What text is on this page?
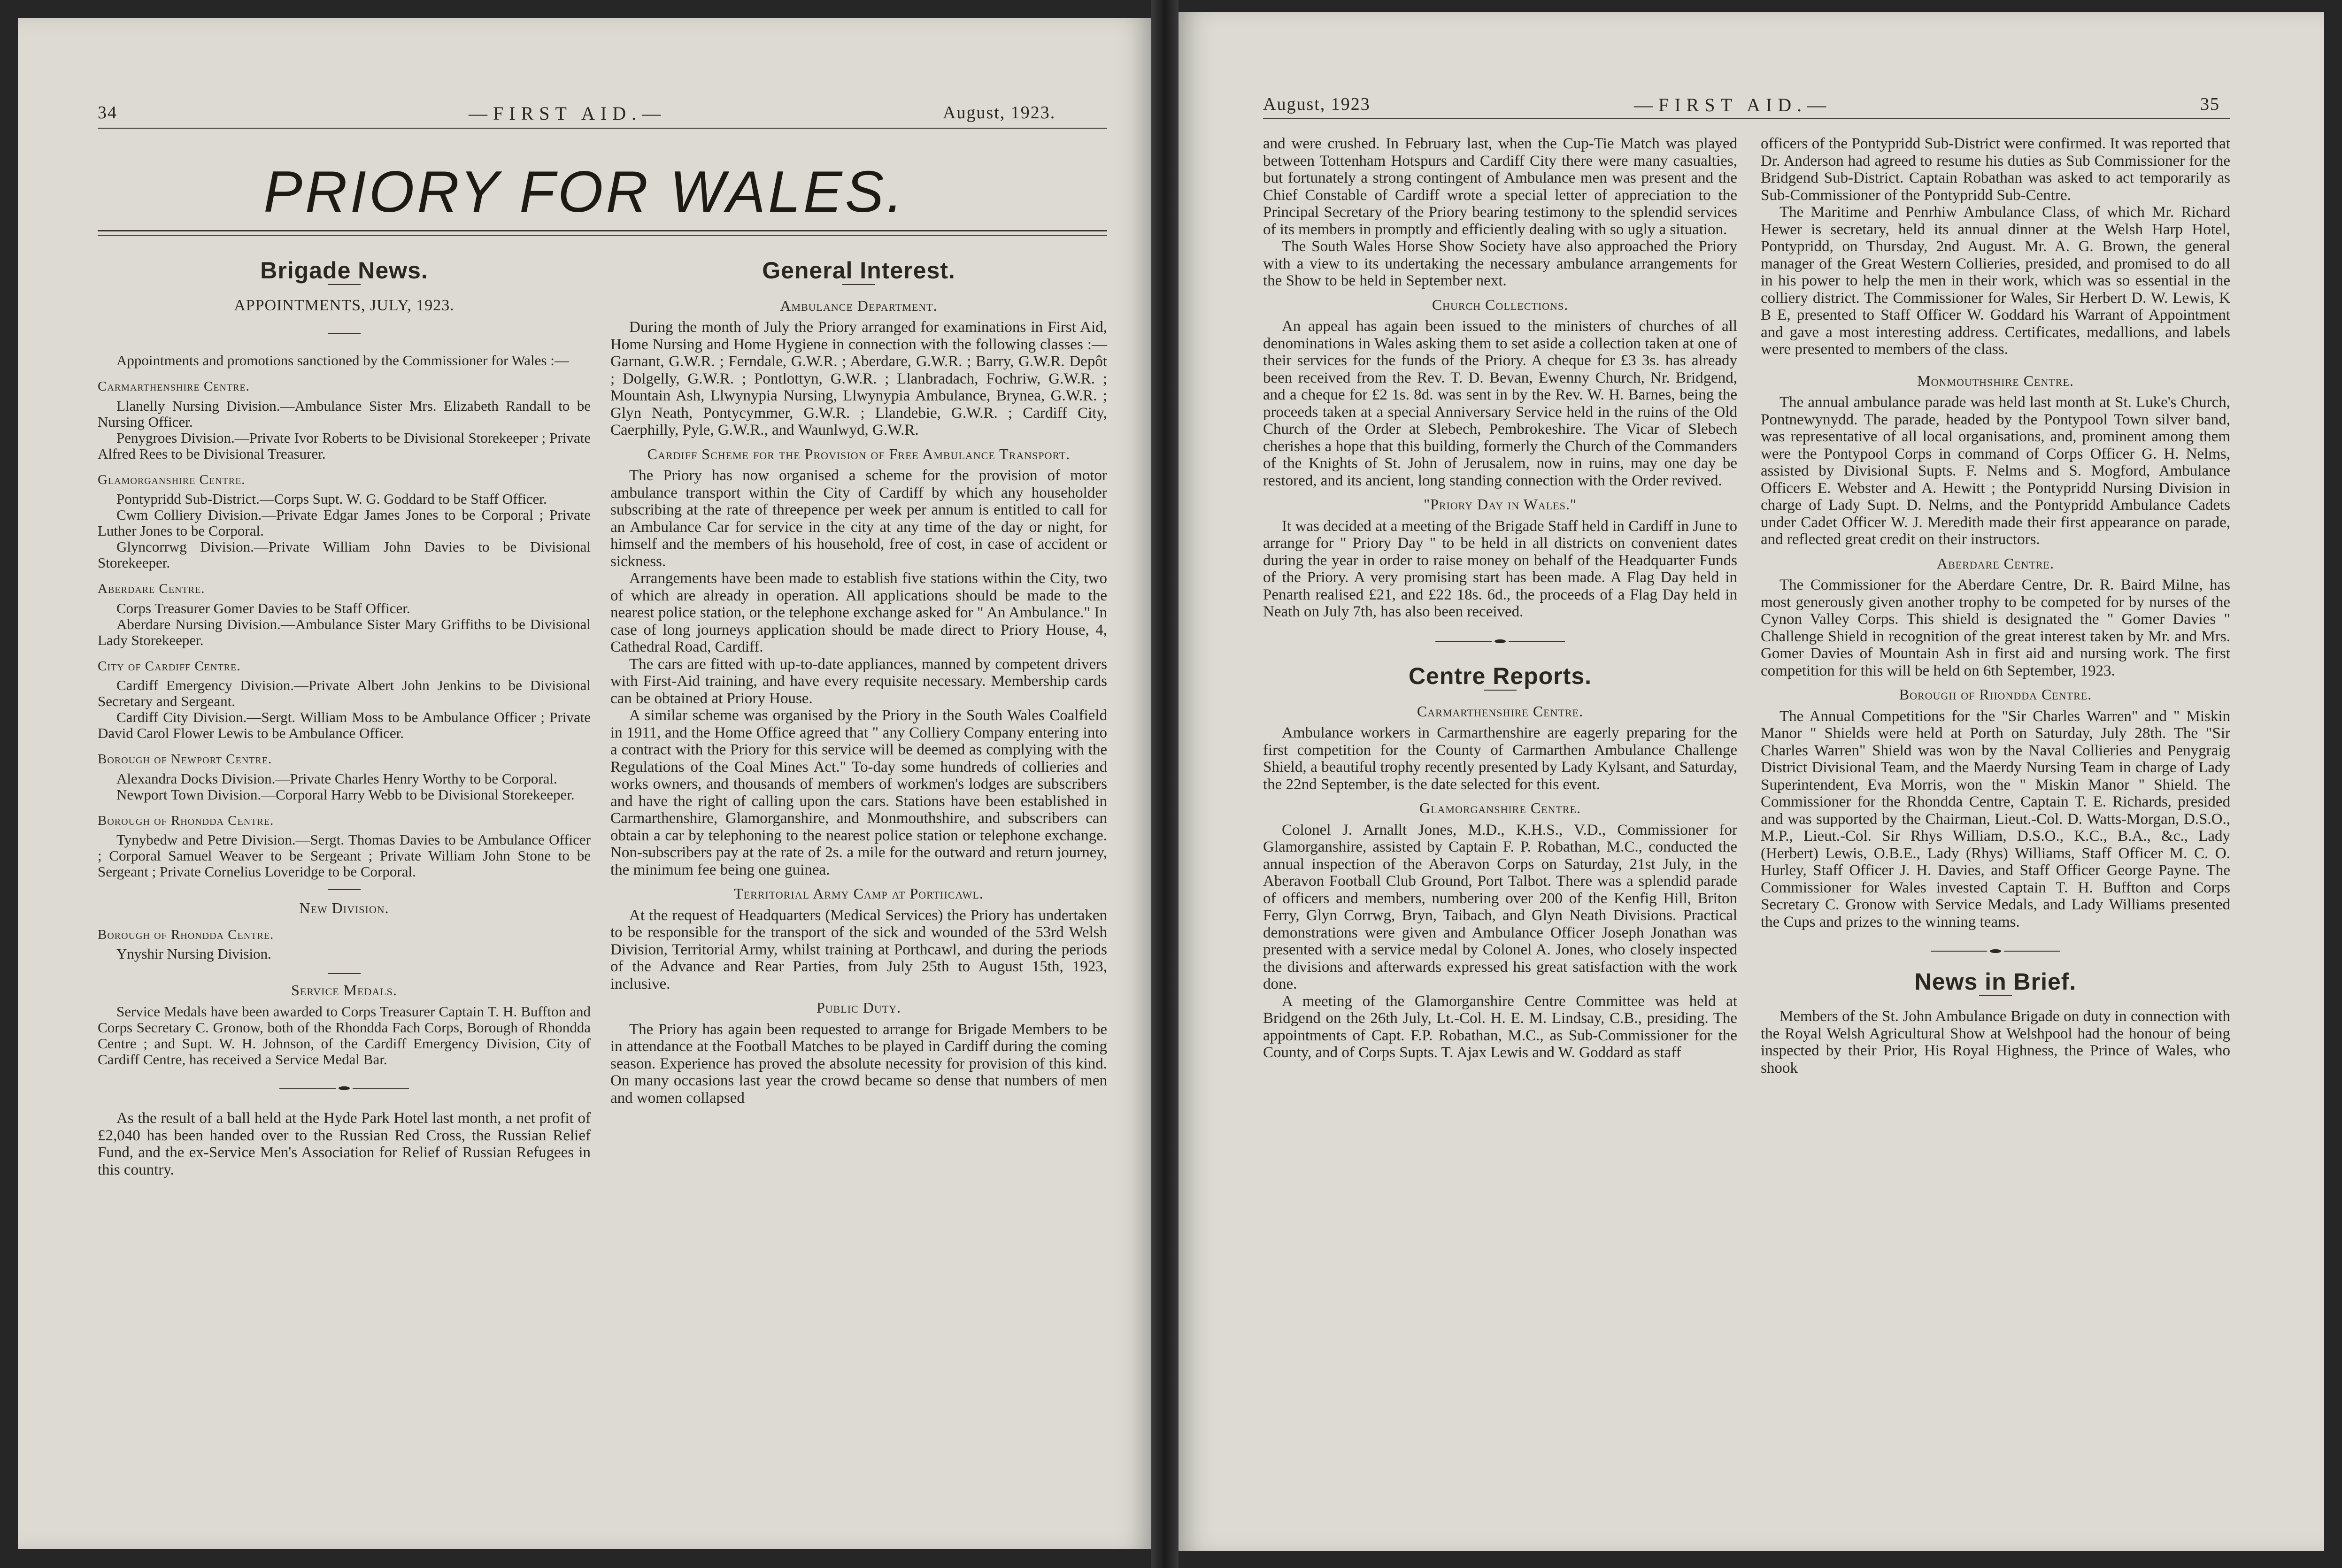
34	—FIRST AID.—	August, 1923.
PRIORY FOR WALES.
Brigade News.
APPOINTMENTS, JULY, 1923.

Appointments and promotions sanctioned by the Commissioner for Wales :—

Carmarthenshire Centre.

Llanelly Nursing Division.—Ambulance Sister Mrs. Elizabeth Randall to be Nursing Officer.

Penygroes Division.—Private Ivor Roberts to be Divisional Storekeeper ; Private Alfred Rees to be Divisional Treasurer.

Glamorganshire Centre.

Pontypridd Sub-District.—Corps Supt. W. G. Goddard to be Staff Officer.

Cwm Colliery Division.—Private Edgar James Jones to be Corporal ; Private Luther Jones to be Corporal.

Glyncorrwg Division.—Private William John Davies to be Divisional Storekeeper.

Aberdare Centre.

Corps Treasurer Gomer Davies to be Staff Officer.

Aberdare Nursing Division.—Ambulance Sister Mary Griffiths to be Divisional Lady Storekeeper.

City of Cardiff Centre.

Cardiff Emergency Division.—Private Albert John Jenkins to be Divisional Secretary and Sergeant.

Cardiff City Division.—Sergt. William Moss to be Ambulance Officer ; Private David Carol Flower Lewis to be Ambulance Officer.

Borough of Newport Centre.

Alexandra Docks Division.—Private Charles Henry Worthy to be Corporal.

Newport Town Division.—Corporal Harry Webb to be Divisional Storekeeper.

Borough of Rhondda Centre.

Tynybedw and Petre Division.—Sergt. Thomas Davies to be Ambulance Officer ; Corporal Samuel Weaver to be Sergeant ; Private William John Stone to be Sergeant ; Private Cornelius Loveridge to be Corporal.

New Division.

Borough of Rhondda Centre.

Ynyshir Nursing Division.

Service Medals.

Service Medals have been awarded to Corps Treasurer Captain T. H. Buffton and Corps Secretary C. Gronow, both of the Rhondda Fach Corps, Borough of Rhondda Centre ; and Supt. W. H. Johnson, of the Cardiff Emergency Division, City of Cardiff Centre, has received a Service Medal Bar.

As the result of a ball held at the Hyde Park Hotel last month, a net profit of £2,040 has been handed over to the Russian Red Cross, the Russian Relief Fund, and the ex-Service Men's Association for Relief of Russian Refugees in this country.

General Interest.
Ambulance Department.

During the month of July the Priory arranged for examinations in First Aid, Home Nursing and Home Hygiene in connection with the following classes :— Garnant, G.W.R. ; Ferndale, G.W.R. ; Aberdare, G.W.R. ; Barry, G.W.R. Depôt ; Dolgelly, G.W.R. ; Pontlottyn, G.W.R. ; Llanbradach, Fochriw, G.W.R. ; Mountain Ash, Llwynypia Nursing, Llwynypia Ambulance, Brynea, G.W.R. ; Glyn Neath, Pontycymmer, G.W.R. ; Llandebie, G.W.R. ; Cardiff City, Caerphilly, Pyle, G.W.R., and Waunlwyd, G.W.R.

Cardiff Scheme for the Provision of Free Ambulance Transport.

The Priory has now organised a scheme for the provision of motor ambulance transport within the City of Cardiff by which any householder subscribing at the rate of threepence per week per annum is entitled to call for an Ambulance Car for service in the city at any time of the day or night, for himself and the members of his household, free of cost, in case of accident or sickness.

Arrangements have been made to establish five stations within the City, two of which are already in operation. All applications should be made to the nearest police station, or the telephone exchange asked for " An Ambulance." In case of long journeys application should be made direct to Priory House, 4, Cathedral Road, Cardiff.

The cars are fitted with up-to-date appliances, manned by competent drivers with First-Aid training, and have every requisite necessary. Membership cards can be obtained at Priory House.

A similar scheme was organised by the Priory in the South Wales Coalfield in 1911, and the Home Office agreed that " any Colliery Company entering into a contract with the Priory for this service will be deemed as complying with the Regulations of the Coal Mines Act." To-day some hundreds of collieries and works owners, and thousands of members of workmen's lodges are subscribers and have the right of calling upon the cars. Stations have been established in Carmarthenshire, Glamorganshire, and Monmouthshire, and subscribers can obtain a car by telephoning to the nearest police station or telephone exchange. Non-subscribers pay at the rate of 2s. a mile for the outward and return journey, the minimum fee being one guinea.

Territorial Army Camp at Porthcawl.

At the request of Headquarters (Medical Services) the Priory has undertaken to be responsible for the transport of the sick and wounded of the 53rd Welsh Division, Territorial Army, whilst training at Porthcawl, and during the periods of the Advance and Rear Parties, from July 25th to August 15th, 1923, inclusive.

Public Duty.

The Priory has again been requested to arrange for Brigade Members to be in attendance at the Football Matches to be played in Cardiff during the coming season. Experience has proved the absolute necessity for provision of this kind. On many occasions last year the crowd became so dense that numbers of men and women collapsed

August, 1923	—FIRST AID.—	35

and were crushed. In February last, when the Cup-Tie Match was played between Tottenham Hotspurs and Cardiff City there were many casualties, but fortunately a strong contingent of Ambulance men was present and the Chief Constable of Cardiff wrote a special letter of appreciation to the Principal Secretary of the Priory bearing testimony to the splendid services of its members in promptly and efficiently dealing with so ugly a situation.

The South Wales Horse Show Society have also approached the Priory with a view to its undertaking the necessary ambulance arrangements for the Show to be held in September next.

Church Collections.

An appeal has again been issued to the ministers of churches of all denominations in Wales asking them to set aside a collection taken at one of their services for the funds of the Priory. A cheque for £3 3s. has already been received from the Rev. T. D. Bevan, Ewenny Church, Nr. Bridgend, and a cheque for £2 1s. 8d. was sent in by the Rev. W. H. Barnes, being the proceeds taken at a special Anniversary Service held in the ruins of the Old Church of the Order at Slebech, Pembrokeshire. The Vicar of Slebech cherishes a hope that this building, formerly the Church of the Commanders of the Knights of St. John of Jerusalem, now in ruins, may one day be restored, and its ancient, long standing connection with the Order revived.

"Priory Day in Wales."

It was decided at a meeting of the Brigade Staff held in Cardiff in June to arrange for " Priory Day " to be held in all districts on convenient dates during the year in order to raise money on behalf of the Headquarter Funds of the Priory. A very promising start has been made. A Flag Day held in Penarth realised £21, and £22 18s. 6d., the proceeds of a Flag Day held in Neath on July 7th, has also been received.

Centre Reports.
Carmarthenshire Centre.

Ambulance workers in Carmarthenshire are eagerly preparing for the first competition for the County of Carmarthen Ambulance Challenge Shield, a beautiful trophy recently presented by Lady Kylsant, and Saturday, the 22nd September, is the date selected for this event.

Glamorganshire Centre.

Colonel J. Arnallt Jones, M.D., K.H.S., V.D., Commissioner for Glamorganshire, assisted by Captain F. P. Robathan, M.C., conducted the annual inspection of the Aberavon Corps on Saturday, 21st July, in the Aberavon Football Club Ground, Port Talbot. There was a splendid parade of officers and members, numbering over 200 of the Kenfig Hill, Briton Ferry, Glyn Corrwg, Bryn, Taibach, and Glyn Neath Divisions. Practical demonstrations were given and Ambulance Officer Joseph Jonathan was presented with a service medal by Colonel A. Jones, who closely inspected the divisions and afterwards expressed his great satisfaction with the work done.

A meeting of the Glamorganshire Centre Committee was held at Bridgend on the 26th July, Lt.-Col. H. E. M. Lindsay, C.B., presiding. The appointments of Capt. F.P. Robathan, M.C., as Sub-Commissioner for the County, and of Corps Supts. T. Ajax Lewis and W. Goddard as staff

officers of the Pontypridd Sub-District were confirmed. It was reported that Dr. Anderson had agreed to resume his duties as Sub Commissioner for the Bridgend Sub-District. Captain Robathan was asked to act temporarily as Sub-Commissioner of the Pontypridd Sub-Centre.

The Maritime and Penrhiw Ambulance Class, of which Mr. Richard Hewer is secretary, held its annual dinner at the Welsh Harp Hotel, Pontypridd, on Thursday, 2nd August. Mr. A. G. Brown, the general manager of the Great Western Collieries, presided, and promised to do all in his power to help the men in their work, which was so essential in the colliery district. The Commissioner for Wales, Sir Herbert D. W. Lewis, K B E, presented to Staff Officer W. Goddard his Warrant of Appointment and gave a most interesting address. Certificates, medallions, and labels were presented to members of the class.

Monmouthshire Centre.

The annual ambulance parade was held last month at St. Luke's Church, Pontnewynydd. The parade, headed by the Pontypool Town silver band, was representative of all local organisations, and, prominent among them were the Pontypool Corps in command of Corps Officer G. H. Nelms, assisted by Divisional Supts. F. Nelms and S. Mogford, Ambulance Officers E. Webster and A. Hewitt ; the Pontypridd Nursing Division in charge of Lady Supt. D. Nelms, and the Pontypridd Ambulance Cadets under Cadet Officer W. J. Meredith made their first appearance on parade, and reflected great credit on their instructors.

Aberdare Centre.

The Commissioner for the Aberdare Centre, Dr. R. Baird Milne, has most generously given another trophy to be competed for by nurses of the Cynon Valley Corps. This shield is designated the " Gomer Davies " Challenge Shield in recognition of the great interest taken by Mr. and Mrs. Gomer Davies of Mountain Ash in first aid and nursing work. The first competition for this will be held on 6th September, 1923.

Borough of Rhondda Centre.

The Annual Competitions for the "Sir Charles Warren" and " Miskin Manor " Shields were held at Porth on Saturday, July 28th. The "Sir Charles Warren" Shield was won by the Naval Collieries and Penygraig District Divisional Team, and the Maerdy Nursing Team in charge of Lady Superintendent, Eva Morris, won the " Miskin Manor " Shield. The Commissioner for the Rhondda Centre, Captain T. E. Richards, presided and was supported by the Chairman, Lieut.-Col. D. Watts-Morgan, D.S.O., M.P., Lieut.-Col. Sir Rhys William, D.S.O., K.C., B.A., &c., Lady (Herbert) Lewis, O.B.E., Lady (Rhys) Williams, Staff Officer M. C. O. Hurley, Staff Officer J. H. Davies, and Staff Officer George Payne. The Commissioner for Wales invested Captain T. H. Buffton and Corps Secretary C. Gronow with Service Medals, and Lady Williams presented the Cups and prizes to the winning teams.

News in Brief.

Members of the St. John Ambulance Brigade on duty in connection with the Royal Welsh Agricultural Show at Welshpool had the honour of being inspected by their Prior, His Royal Highness, the Prince of Wales, who shook
